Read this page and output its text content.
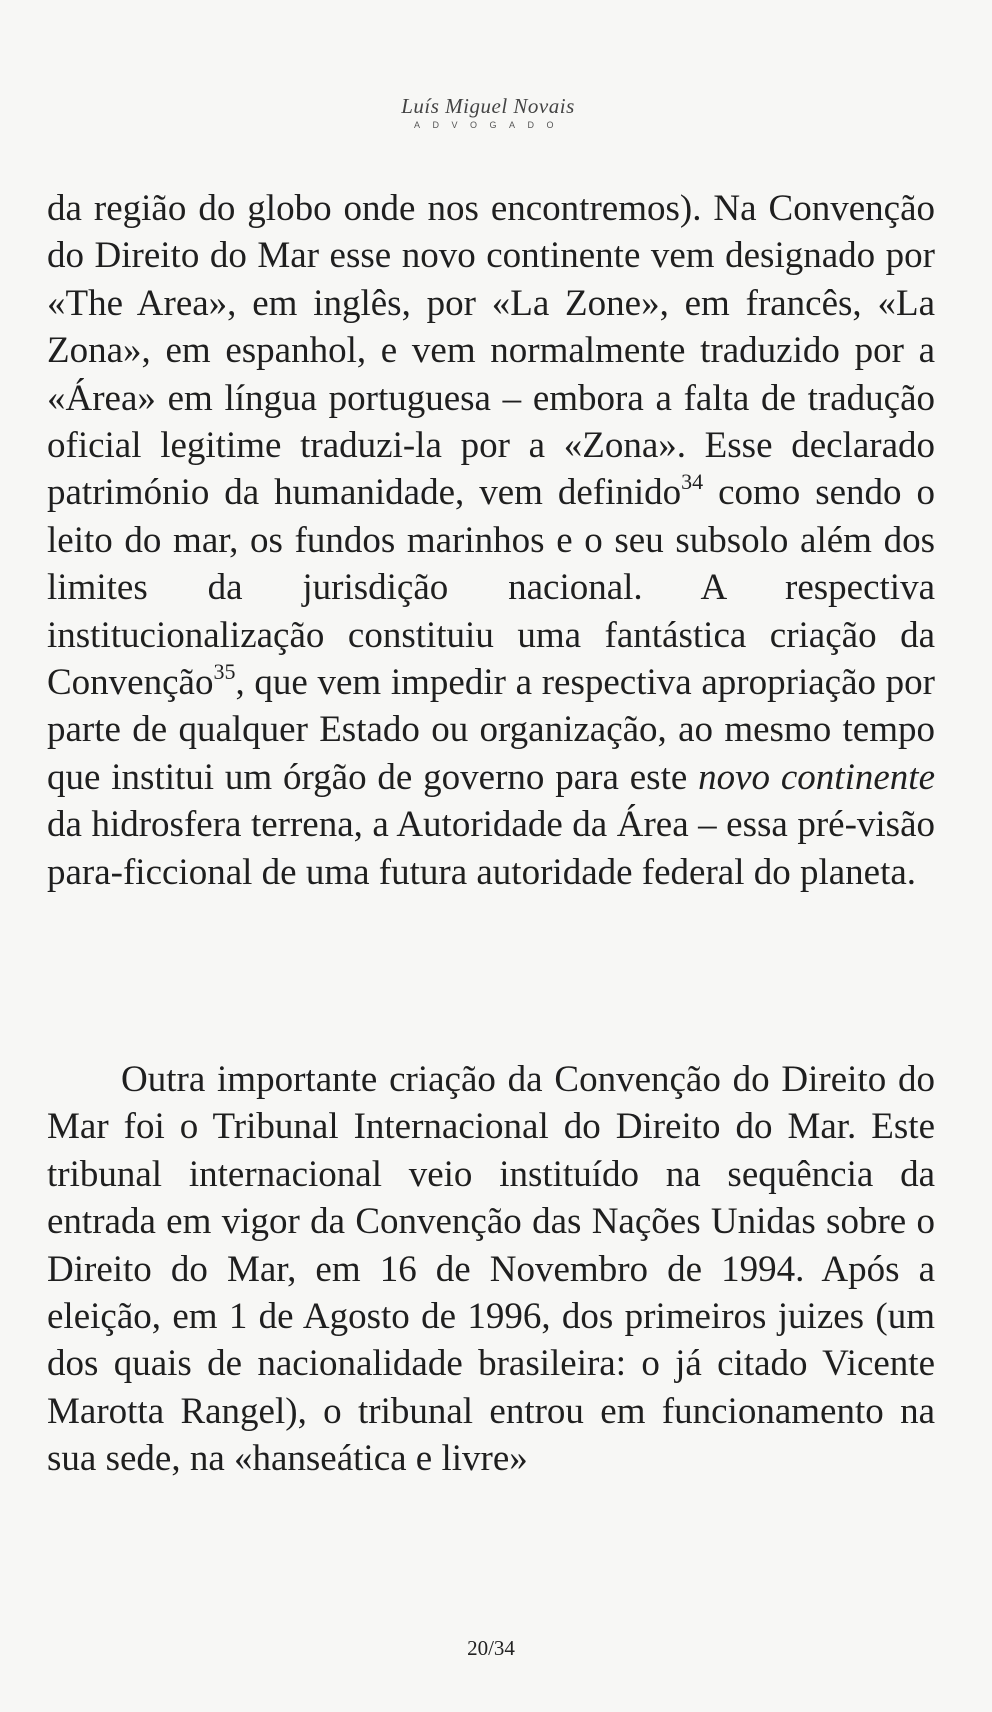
Luís Miguel Novais
ADVOGADO

da região do globo onde nos encontremos). Na Convenção do Direito do Mar esse novo continente vem designado por «The Area», em inglês, por «La Zone», em francês, «La Zona», em espanhol, e vem normalmente traduzido por a «Área» em língua portuguesa – embora a falta de tradução oficial legitime traduzi-la por a «Zona». Esse declarado património da humanidade, vem definido$^{34}$ como sendo o leito do mar, os fundos marinhos e o seu subsolo além dos limites da jurisdição nacional. A respectiva institucionalização constituiu uma fantástica criação da Convenção$^{35}$, que vem impedir a respectiva apropriação por parte de qualquer Estado ou organização, ao mesmo tempo que institui um órgão de governo para este novo continente da hidrosfera terrena, a Autoridade da Área – essa pré-visão para-ficcional de uma futura autoridade federal do planeta.

Outra importante criação da Convenção do Direito do Mar foi o Tribunal Internacional do Direito do Mar. Este tribunal internacional veio instituído na sequência da entrada em vigor da Convenção das Nações Unidas sobre o Direito do Mar, em 16 de Novembro de 1994. Após a eleição, em 1 de Agosto de 1996, dos primeiros juizes (um dos quais de nacionalidade brasileira: o já citado Vicente Marotta Rangel), o tribunal entrou em funcionamento na sua sede, na «hanseática e livre»

20/34
